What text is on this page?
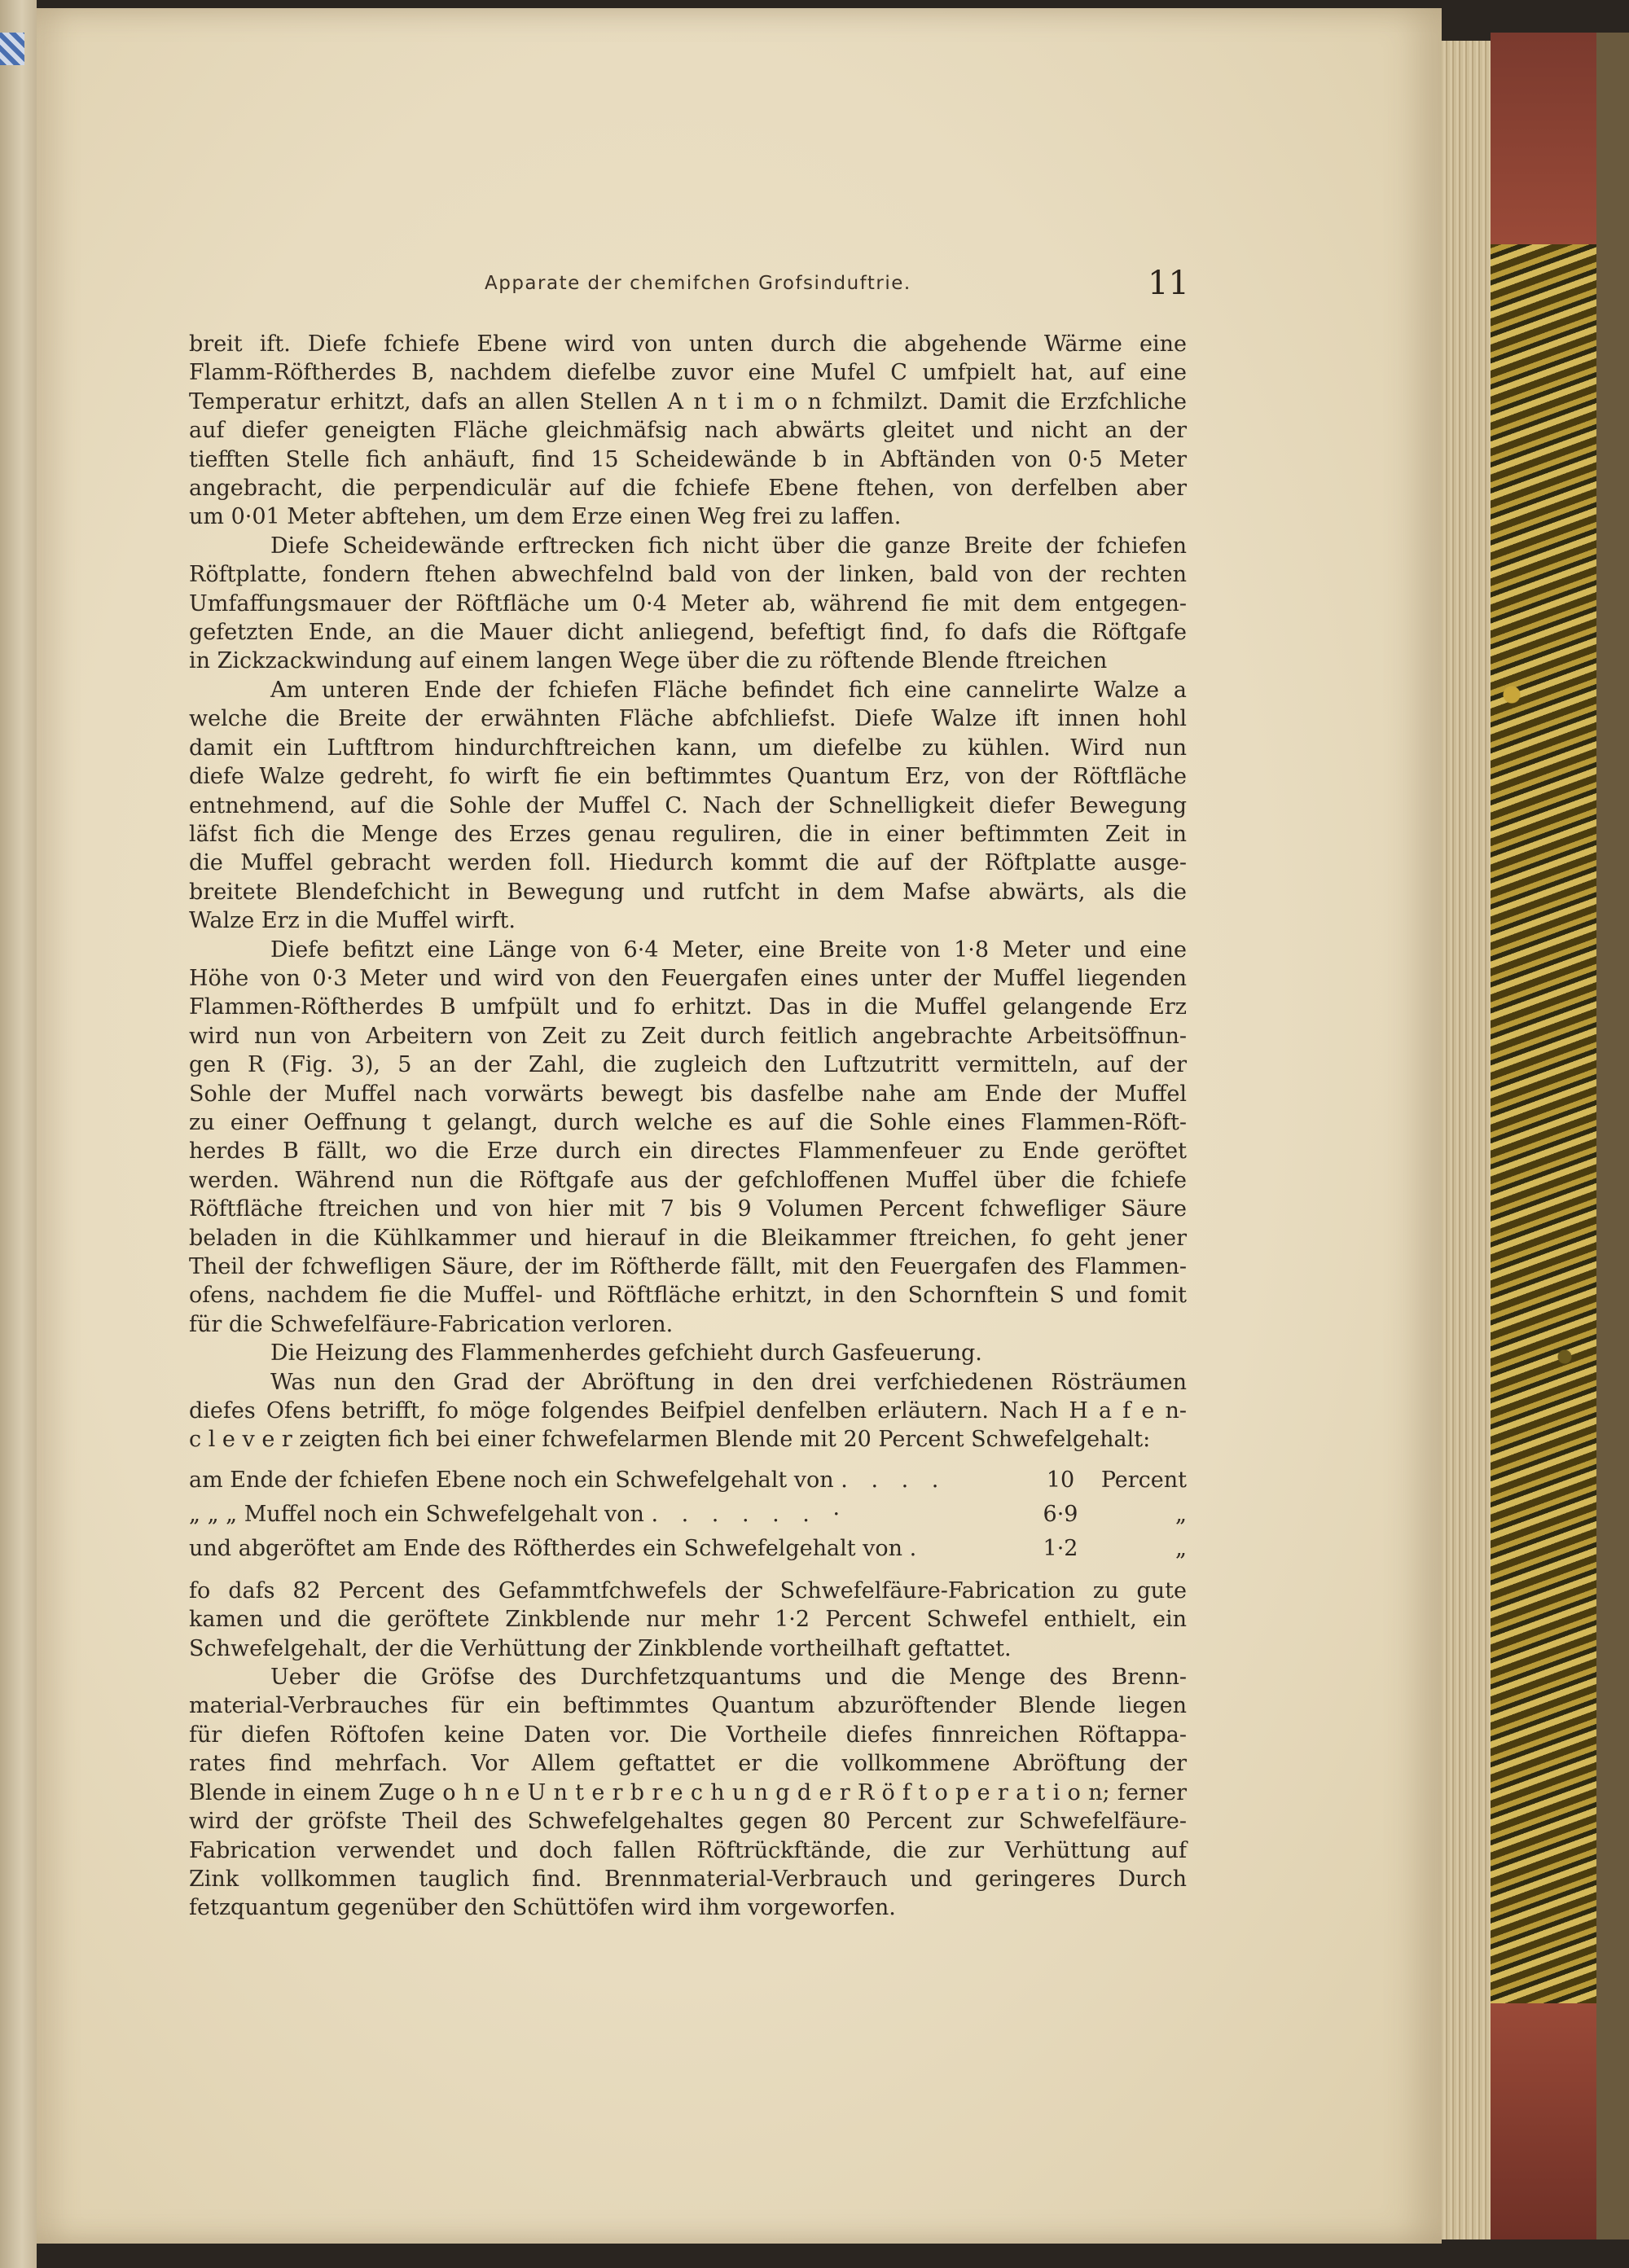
Apparate der chemifchen Grofsinduftrie.	11

breit ift. Diefe fchiefe Ebene wird von unten durch die abgehende Wärme eine
Flamm-Röftherdes B, nachdem diefelbe zuvor eine Mufel C umfpielt hat, auf eine
Temperatur erhitzt, dafs an allen Stellen A n t i m o n fchmilzt. Damit die Erzfchliche
auf diefer geneigten Fläche gleichmäfsig nach abwärts gleitet und nicht an der
tiefften Stelle fich anhäuft, find 15 Scheidewände b in Abftänden von 0·5 Meter
angebracht, die perpendiculär auf die fchiefe Ebene ftehen, von derfelben aber
um 0·01 Meter abftehen, um dem Erze einen Weg frei zu laffen.

Diefe Scheidewände erftrecken fich nicht über die ganze Breite der fchiefen
Röftplatte, fondern ftehen abwechfelnd bald von der linken, bald von der rechten
Umfaffungsmauer der Röftfläche um 0·4 Meter ab, während fie mit dem entgegen-
gefetzten Ende, an die Mauer dicht anliegend, befeftigt find, fo dafs die Röftgafe
in Zickzackwindung auf einem langen Wege über die zu röftende Blende ftreichen

Am unteren Ende der fchiefen Fläche befindet fich eine cannelirte Walze a
welche die Breite der erwähnten Fläche abfchliefst. Diefe Walze ift innen hohl
damit ein Luftftrom hindurchftreichen kann, um diefelbe zu kühlen. Wird nun
diefe Walze gedreht, fo wirft fie ein beftimmtes Quantum Erz, von der Röftfläche
entnehmend, auf die Sohle der Muffel C. Nach der Schnelligkeit diefer Bewegung
läfst fich die Menge des Erzes genau reguliren, die in einer beftimmten Zeit in
die Muffel gebracht werden foll. Hiedurch kommt die auf der Röftplatte ausge-
breitete Blendefchicht in Bewegung und rutfcht in dem Mafse abwärts, als die
Walze Erz in die Muffel wirft.

Diefe befitzt eine Länge von 6·4 Meter, eine Breite von 1·8 Meter und eine
Höhe von 0·3 Meter und wird von den Feuergafen eines unter der Muffel liegenden
Flammen-Röftherdes B umfpült und fo erhitzt. Das in die Muffel gelangende Erz
wird nun von Arbeitern von Zeit zu Zeit durch feitlich angebrachte Arbeitsöffnun-
gen R (Fig. 3), 5 an der Zahl, die zugleich den Luftzutritt vermitteln, auf der
Sohle der Muffel nach vorwärts bewegt bis dasfelbe nahe am Ende der Muffel
zu einer Oeffnung t gelangt, durch welche es auf die Sohle eines Flammen-Röft-
herdes B fällt, wo die Erze durch ein directes Flammenfeuer zu Ende geröftet
werden. Während nun die Röftgafe aus der gefchloffenen Muffel über die fchiefe
Röftfläche ftreichen und von hier mit 7 bis 9 Volumen Percent fchwefliger Säure
beladen in die Kühlkammer und hierauf in die Bleikammer ftreichen, fo geht jener
Theil der fchwefligen Säure, der im Röftherde fällt, mit den Feuergafen des Flammen-
ofens, nachdem fie die Muffel- und Röftfläche erhitzt, in den Schornftein S und fomit
für die Schwefelfäure-Fabrication verloren.

Die Heizung des Flammenherdes gefchieht durch Gasfeuerung.

Was nun den Grad der Abröftung in den drei verfchiedenen Rösträumen
diefes Ofens betrifft, fo möge folgendes Beifpiel denfelben erläutern. Nach H a f e n-
c l e v e r zeigten fich bei einer fchwefelarmen Blende mit 20 Percent Schwefelgehalt:

am Ende der fchiefen Ebene noch ein Schwefelgehalt von . . . .	10	Percent
„ „ „ Muffel noch ein Schwefelgehalt von . . . . . . ·	6·9	„
und abgeröftet am Ende des Röftherdes ein Schwefelgehalt von .	1·2	„

fo dafs 82 Percent des Gefammtfchwefels der Schwefelfäure-Fabrication zu gute
kamen und die geröftete Zinkblende nur mehr 1·2 Percent Schwefel enthielt, ein
Schwefelgehalt, der die Verhüttung der Zinkblende vortheilhaft geftattet.

Ueber die Gröfse des Durchfetzquantums und die Menge des Brenn-
material-Verbrauches für ein beftimmtes Quantum abzuröftender Blende liegen
für diefen Röftofen keine Daten vor. Die Vortheile diefes finnreichen Röftappa-
rates find mehrfach. Vor Allem geftattet er die vollkommene Abröftung der
Blende in einem Zuge o h n e U n t e r b r e c h u n g d e r R ö f t o p e r a t i o n; ferner
wird der gröfste Theil des Schwefelgehaltes gegen 80 Percent zur Schwefelfäure-
Fabrication verwendet und doch fallen Röftrückftände, die zur Verhüttung auf
Zink vollkommen tauglich find. Brennmaterial-Verbrauch und geringeres Durch
fetzquantum gegenüber den Schüttöfen wird ihm vorgeworfen.
